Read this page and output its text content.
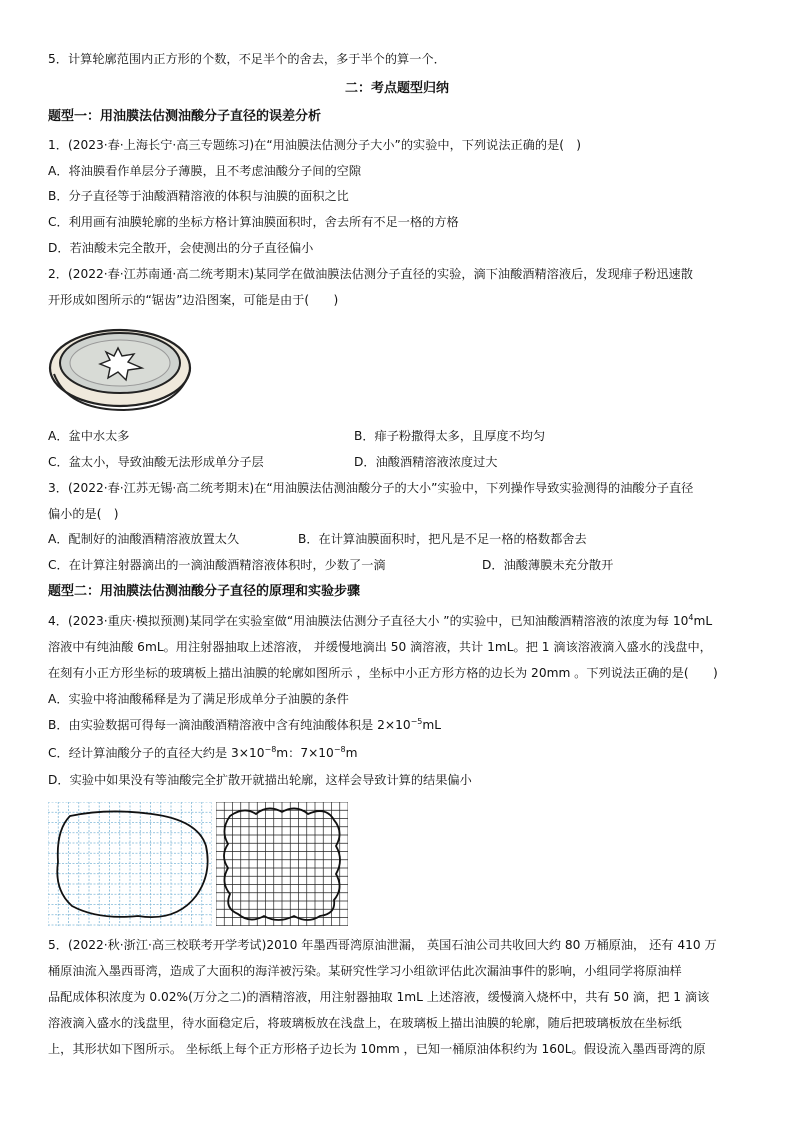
5．计算轮廓范围内正方形的个数，不足半个的舍去，多于半个的算一个．
二：考点题型归纳
题型一：用油膜法估测油酸分子直径的误差分析
1．(2023·春·上海长宁·高三专题练习)在“用油膜法估测分子大小”的实验中，下列说法正确的是(　)
A．将油膜看作单层分子薄膜，且不考虑油酸分子间的空隙
B．分子直径等于油酸酒精溶液的体积与油膜的面积之比
C．利用画有油膜轮廓的坐标方格计算油膜面积时，舍去所有不足一格的方格
D．若油酸未完全散开，会使测出的分子直径偏小
2．(2022·春·江苏南通·高二统考期末)某同学在做油膜法估测分子直径的实验，滴下油酸酒精溶液后，发现痱子粉迅速散
开形成如图所示的“锯齿”边沿图案，可能是由于(　　)
A．盆中水太多	B．痱子粉撒得太多，且厚度不均匀
C．盆太小，导致油酸无法形成单分子层	D．油酸酒精溶液浓度过大
3．(2022·春·江苏无锡·高二统考期末)在“用油膜法估测油酸分子的大小”实验中，下列操作导致实验测得的油酸分子直径
偏小的是(　)
A．配制好的油酸酒精溶液放置太久	B．在计算油膜面积时，把凡是不足一格的格数都舍去
C．在计算注射器滴出的一滴油酸酒精溶液体积时，少数了一滴	D．油酸薄膜未充分散开
题型二：用油膜法估测油酸分子直径的原理和实验步骤
4．(2023·重庆·模拟预测)某同学在实验室做“用油膜法估测分子直径大小 ”的实验中，已知油酸酒精溶液的浓度为每 $10^4mL$
溶液中有纯油酸 6mL。用注射器抽取上述溶液， 并缓慢地滴出 50 滴溶液，共计 1mL。把 1 滴该溶液滴入盛水的浅盘中，
在刻有小正方形坐标的玻璃板上描出油膜的轮廓如图所示 ，坐标中小正方形方格的边长为 20mm 。下列说法正确的是(　　)
A．实验中将油酸稀释是为了满足形成单分子油膜的条件
B．由实验数据可得每一滴油酸酒精溶液中含有纯油酸体积是 $2\times 10^{-5}mL$
C．经计算油酸分子的直径大约是 $3\times 10^{-8}m$：$7\times 10^{-8}m$
D．实验中如果没有等油酸完全扩散开就描出轮廓，这样会导致计算的结果偏小
5．(2022·秋·浙江·高三校联考开学考试)2010 年墨西哥湾原油泄漏， 英国石油公司共收回大约 80 万桶原油， 还有 410 万
桶原油流入墨西哥湾，造成了大面积的海洋被污染。某研究性学习小组欲评估此次漏油事件的影响，小组同学将原油样
品配成体积浓度为 0.02%(万分之二)的酒精溶液，用注射器抽取 1mL 上述溶液，缓慢滴入烧杯中，共有 50 滴，把 1 滴该
溶液滴入盛水的浅盘里，待水面稳定后，将玻璃板放在浅盘上，在玻璃板上描出油膜的轮廓，随后把玻璃板放在坐标纸
上，其形状如下图所示。 坐标纸上每个正方形格子边长为 10mm ，已知一桶原油体积约为 160L。假设流入墨西哥湾的原
